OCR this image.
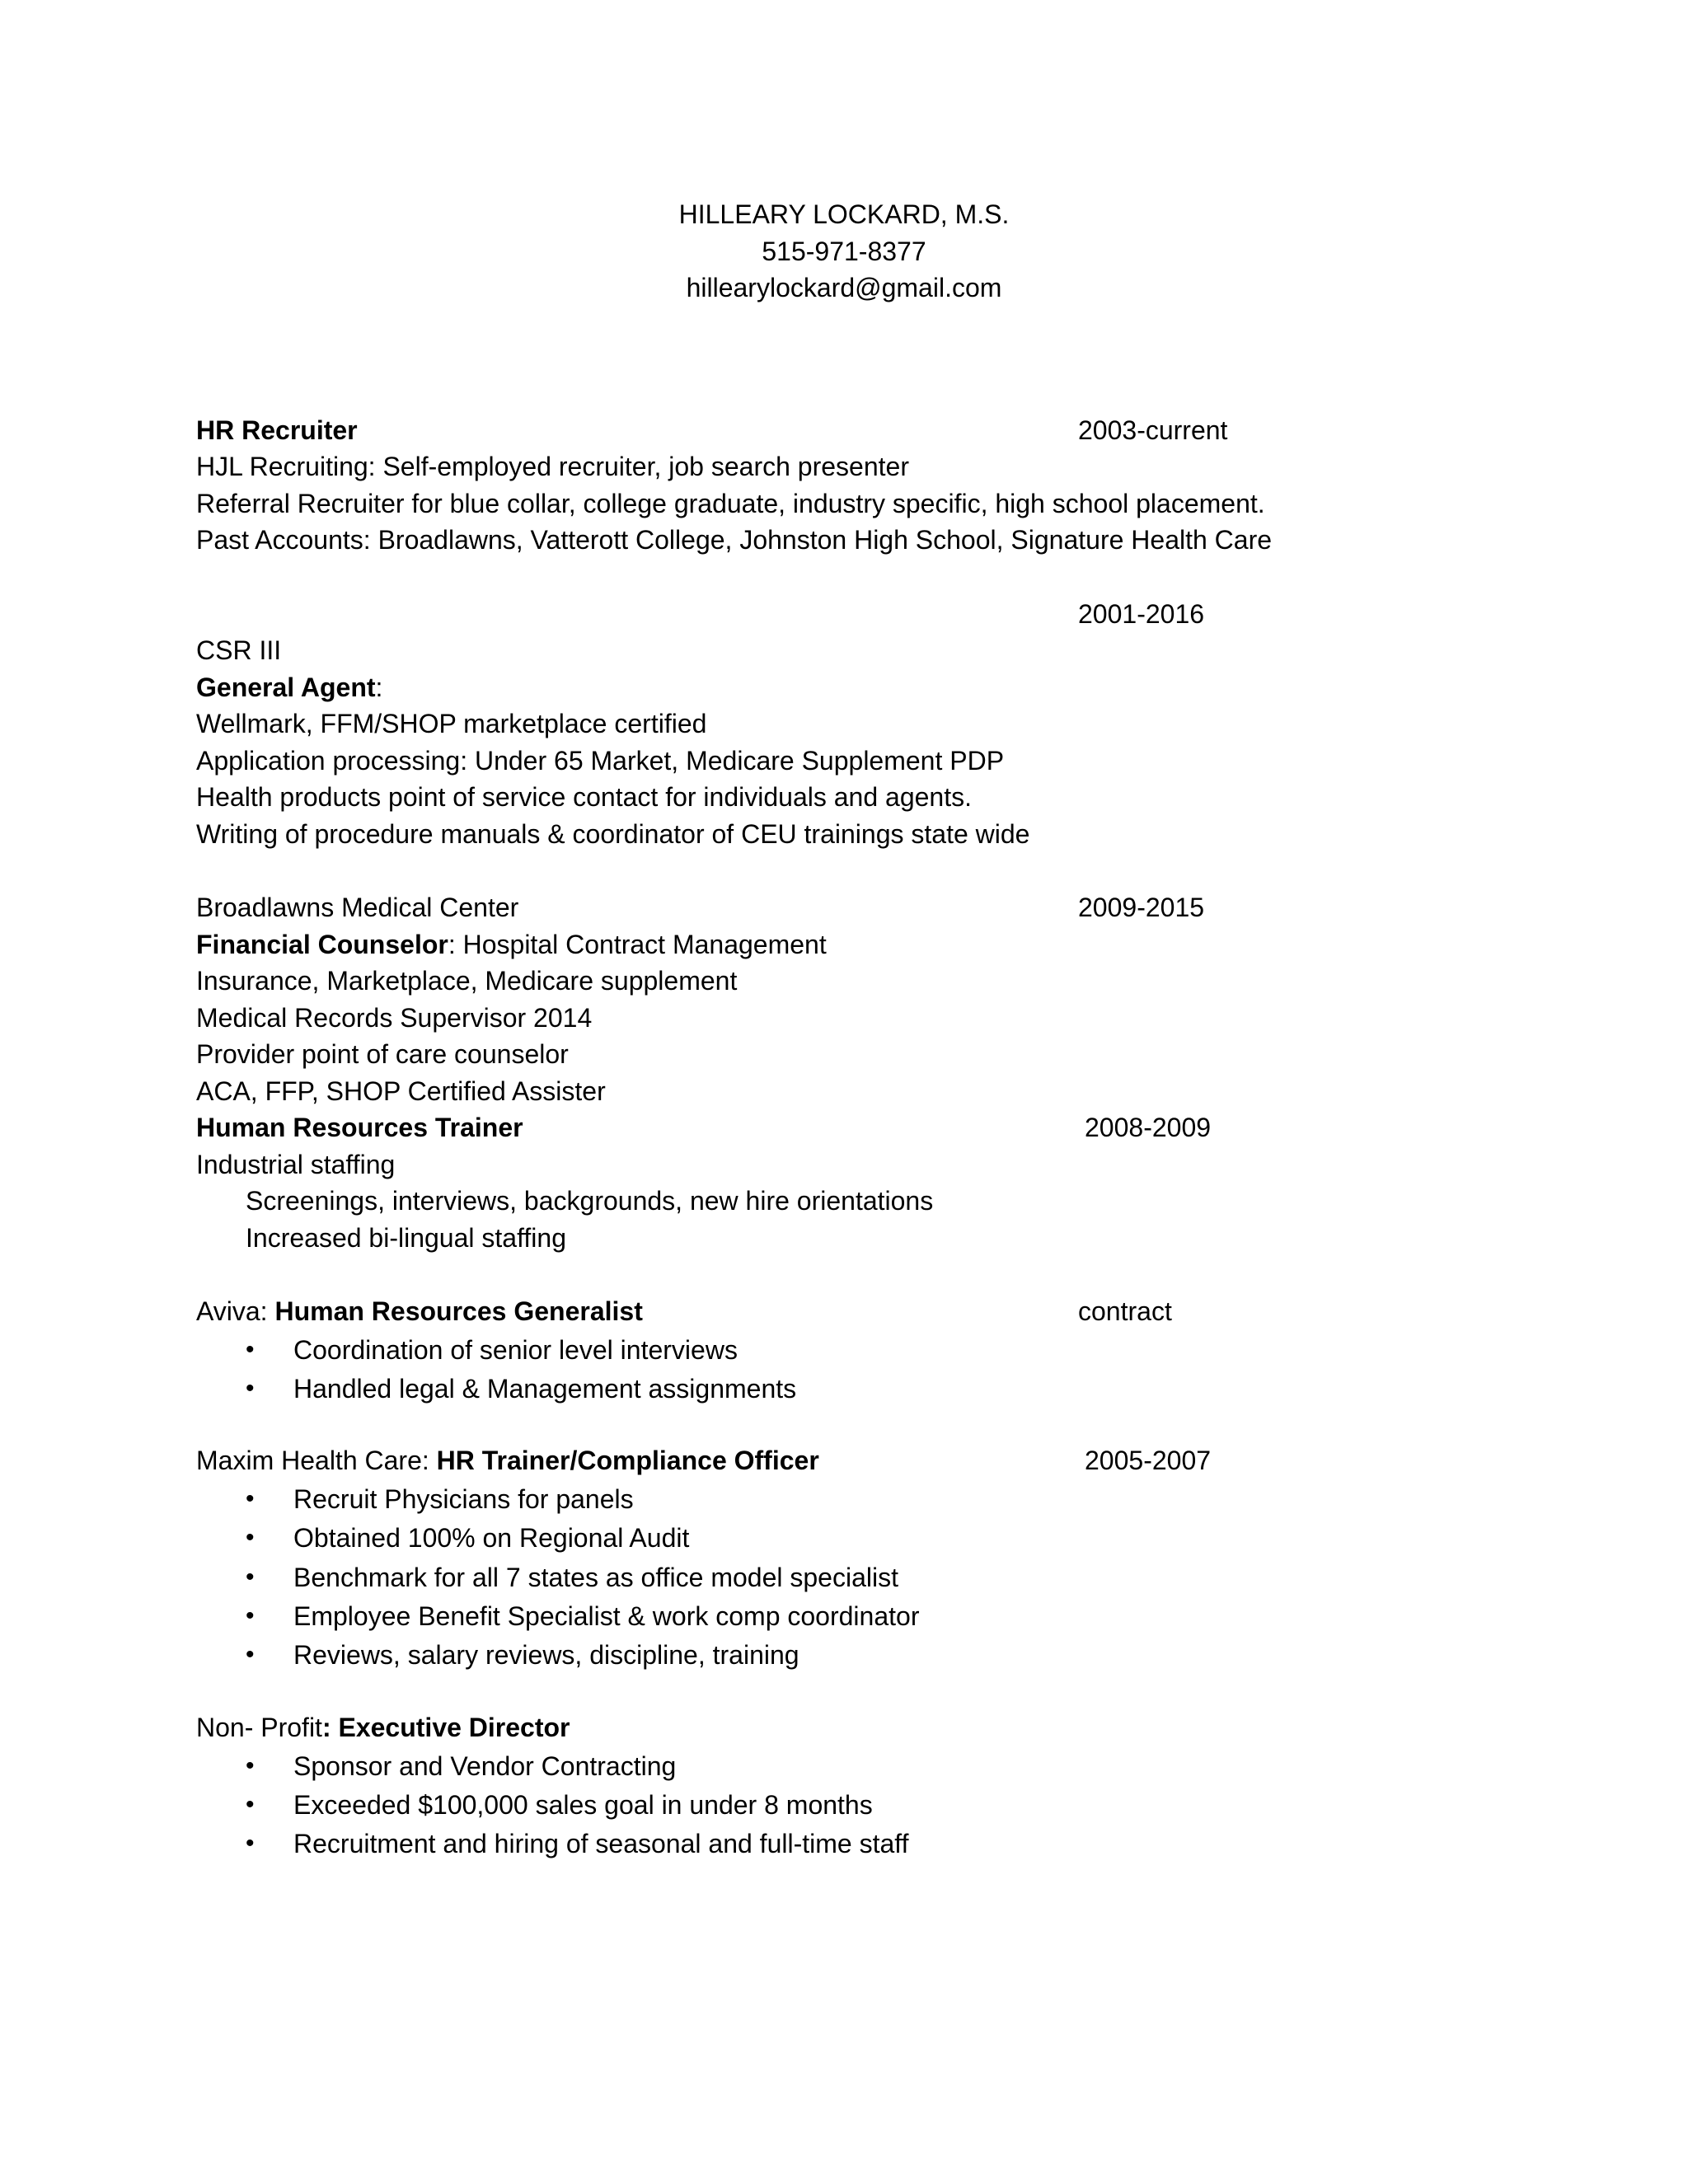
HILLEARY LOCKARD, M.S.
515-971-8377
hillearylockard@gmail.com
HR Recruiter	2003-current
HJL Recruiting: Self-employed recruiter, job search presenter
Referral Recruiter for blue collar, college graduate, industry specific, high school placement.
Past Accounts: Broadlawns, Vatterott College, Johnston High School, Signature Health Care
2001-2016
CSR III
General Agent:
Wellmark, FFM/SHOP marketplace certified
Application processing: Under 65 Market, Medicare Supplement PDP
Health products point of service contact for individuals and agents.
Writing of procedure manuals & coordinator of CEU trainings state wide
Broadlawns Medical Center	2009-2015
Financial Counselor: Hospital Contract Management
Insurance, Marketplace, Medicare supplement
Medical Records Supervisor 2014
Provider point of care counselor
ACA, FFP, SHOP Certified Assister
Human Resources Trainer	2008-2009
Industrial staffing
Screenings, interviews, backgrounds, new hire orientations
Increased bi-lingual staffing
Aviva: Human Resources Generalist	contract
•	Coordination of senior level interviews
•	Handled legal & Management assignments
Maxim Health Care: HR Trainer/Compliance Officer	2005-2007
•	Recruit Physicians for panels
•	Obtained 100% on Regional Audit
•	Benchmark for all 7 states as office model specialist
•	Employee Benefit Specialist & work comp coordinator
•	Reviews, salary reviews, discipline, training
Non- Profit: Executive Director
•	Sponsor and Vendor Contracting
•	Exceeded $100,000 sales goal in under 8 months
•	Recruitment and hiring of seasonal and full-time staff
